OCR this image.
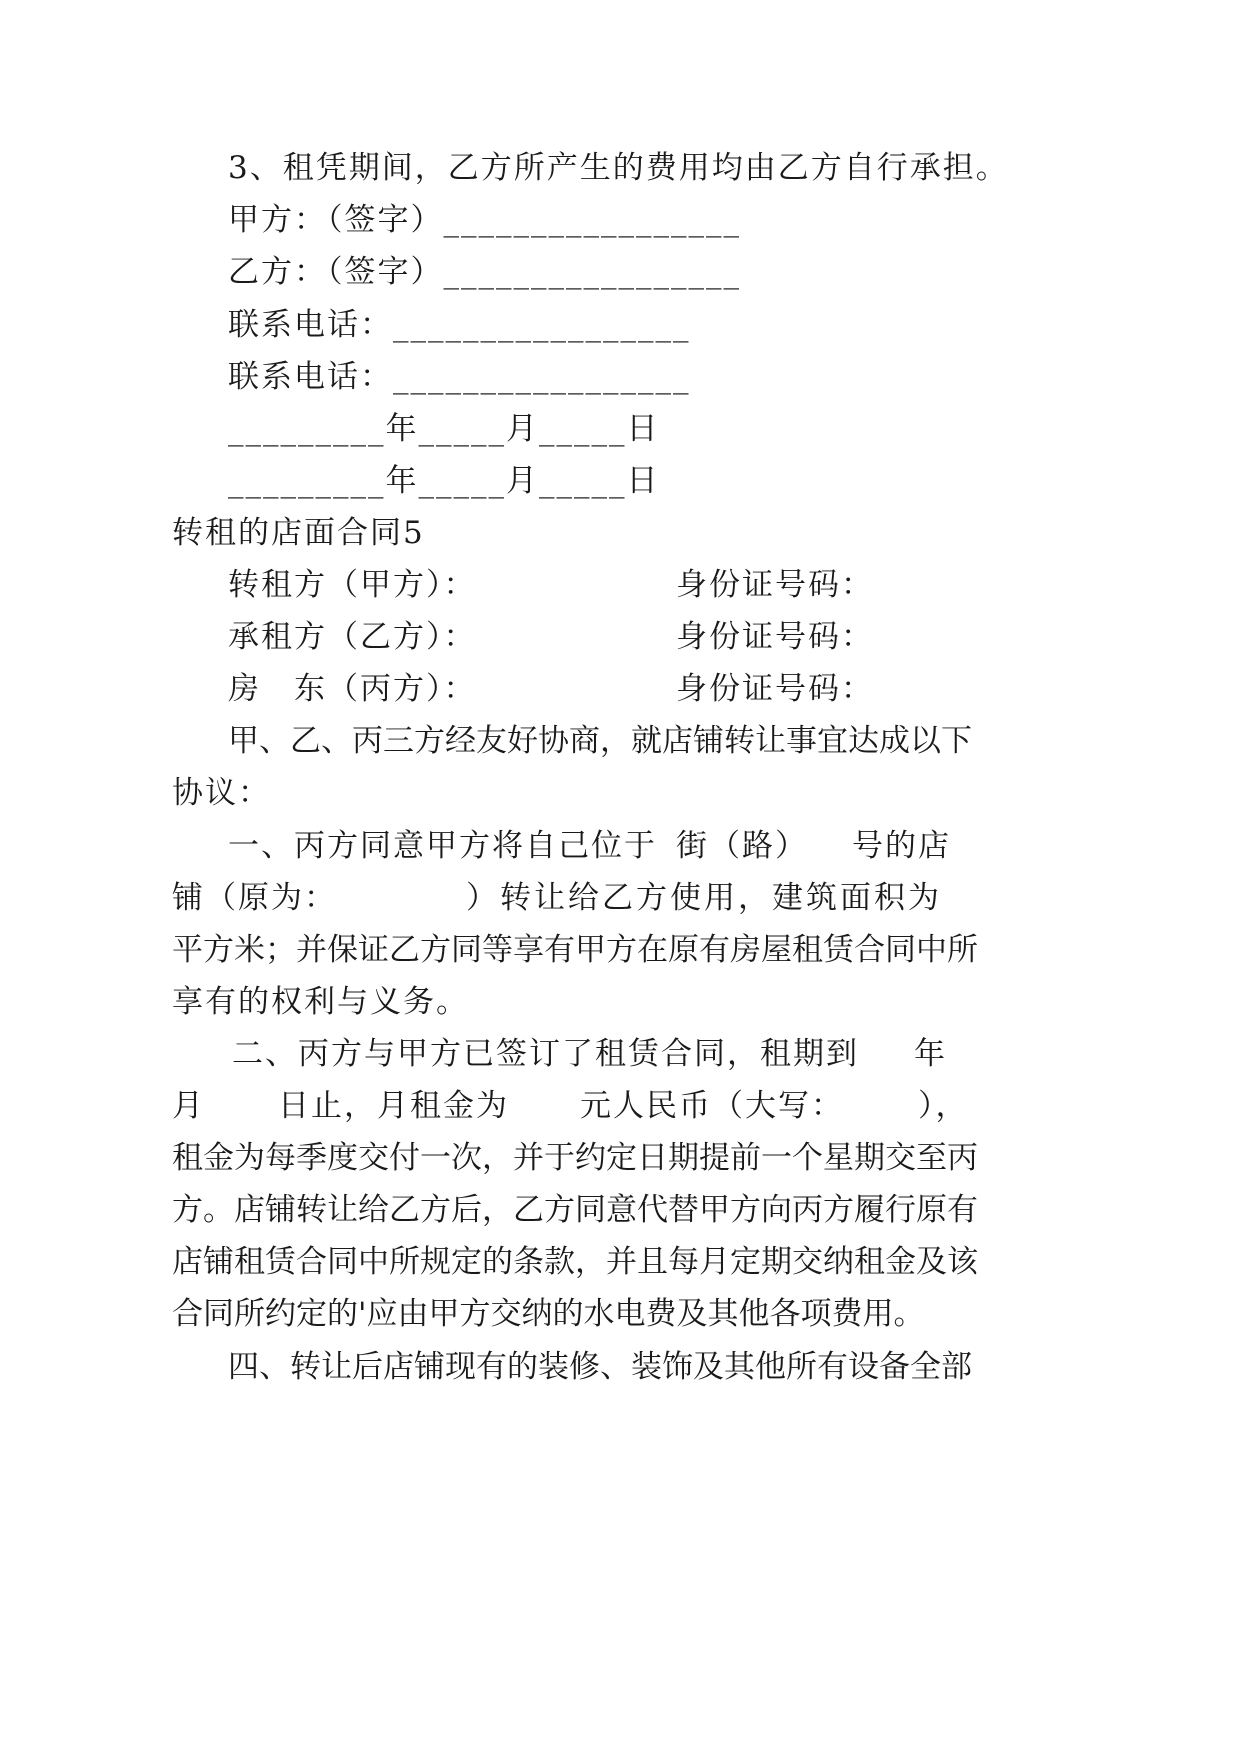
3、租凭期间，乙方所产生的费用均由乙方自行承担。
甲方：（签字）_________________
乙方：（签字）_________________
联系电话：_________________
联系电话：_________________
_________年_____月_____日
_________年_____月_____日
转租的店面合同5
转租方（甲方）：	身份证号码：
承租方（乙方）：	身份证号码：
房　东（丙方）：	身份证号码：
甲、乙、丙三方经友好协商，就店铺转让事宜达成以下
协议：
一、丙方同意甲方将自己位于 街（路） 号的店
铺（原为：	）转让给乙方使用，建筑面积为
平方米；并保证乙方同等享有甲方在原有房屋租赁合同中所
享有的权利与义务。
二、丙方与甲方已签订了租赁合同，租期到 年
月 日止，月租金为 元人民币（大写： ），
租金为每季度交付一次，并于约定日期提前一个星期交至丙
方。店铺转让给乙方后，乙方同意代替甲方向丙方履行原有
店铺租赁合同中所规定的条款，并且每月定期交纳租金及该
合同所约定的'应由甲方交纳的水电费及其他各项费用。
四、转让后店铺现有的装修、装饰及其他所有设备全部
